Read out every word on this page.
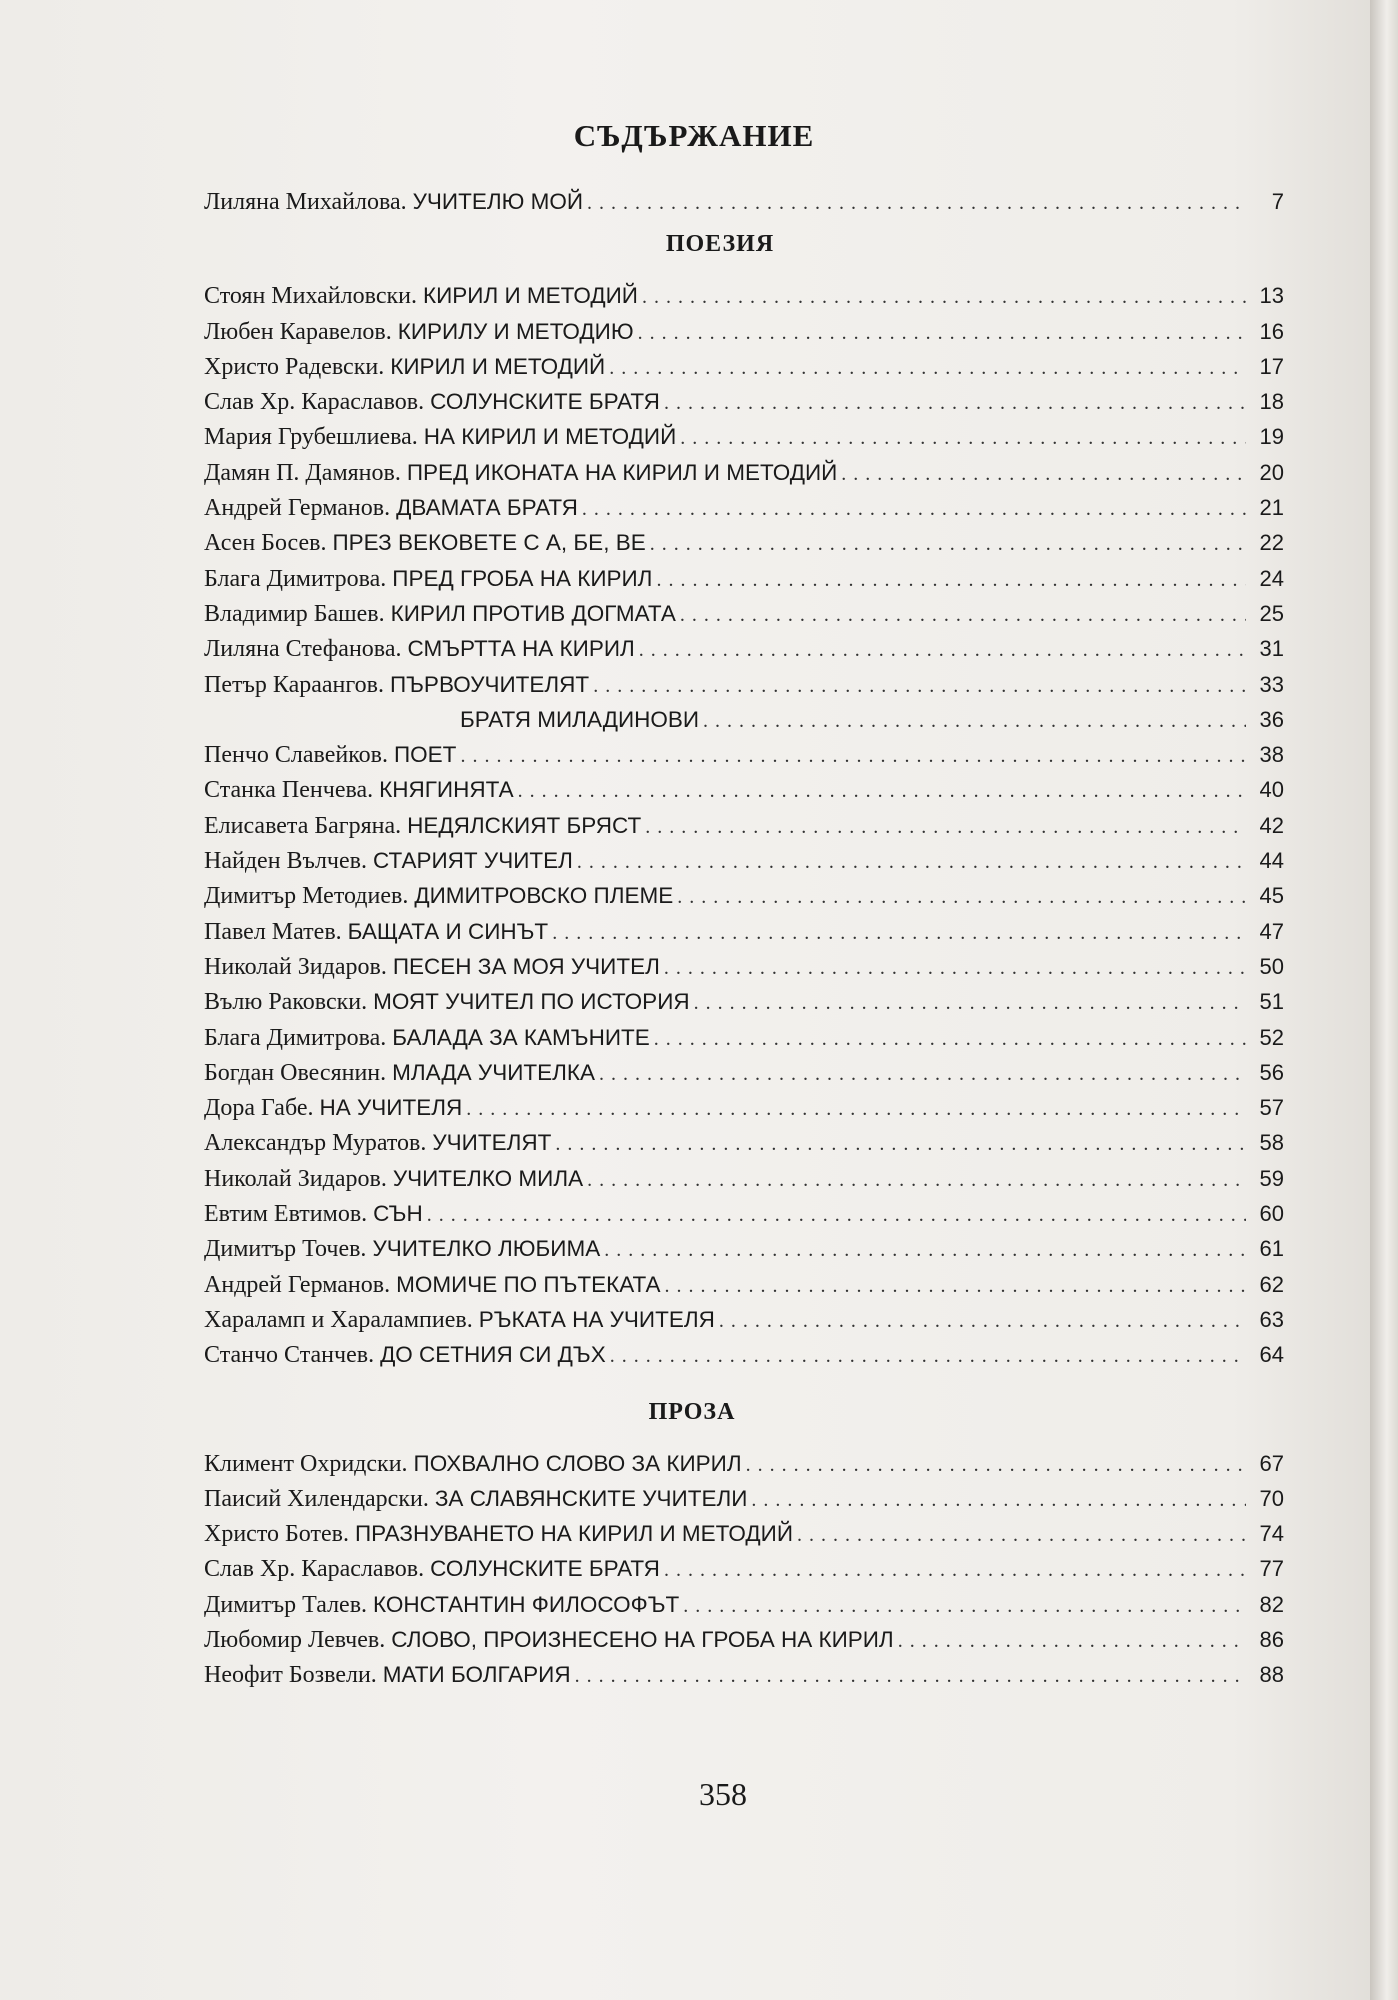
СЪДЪРЖАНИЕ
Лиляна Михайлова. УЧИТЕЛЮ МОЙ . . .	7
ПОЕЗИЯ
Стоян Михайловски. КИРИЛ И МЕТОДИЙ . . .	13
Любен Каравелов. КИРИЛУ И МЕТОДИЮ . . .	16
Христо Радевски. КИРИЛ И МЕТОДИЙ . . .	17
Слав Хр. Караславов. СОЛУНСКИТЕ БРАТЯ . . .	18
Мария Грубешлиева. НА КИРИЛ И МЕТОДИЙ . . .	19
Дамян П. Дамянов. ПРЕД ИКОНАТА НА КИРИЛ И МЕТОДИЙ . . .	20
Андрей Германов. ДВАМАТА БРАТЯ . . .	21
Асен Босев. ПРЕЗ ВЕКОВЕТЕ С А, БЕ, ВЕ . . .	22
Блага Димитрова. ПРЕД ГРОБА НА КИРИЛ . . .	24
Владимир Башев. КИРИЛ ПРОТИВ ДОГМАТА . . .	25
Лиляна Стефанова. СМЪРТТА НА КИРИЛ . . .	31
Петър Караангов. ПЪРВОУЧИТЕЛЯТ . . .	33
БРАТЯ МИЛАДИНОВИ . . .	36
Пенчо Славейков. ПОЕТ . . .	38
Станка Пенчева. КНЯГИНЯТА . . .	40
Елисавета Багряна. НЕДЯЛСКИЯТ БРЯСТ . . .	42
Найден Вълчев. СТАРИЯТ УЧИТЕЛ . . .	44
Димитър Методиев. ДИМИТРОВСКО ПЛЕМЕ . . .	45
Павел Матев. БАЩАТА И СИНЪТ . . .	47
Николай Зидаров. ПЕСЕН ЗА МОЯ УЧИТЕЛ . . .	50
Вълю Раковски. МОЯТ УЧИТЕЛ ПО ИСТОРИЯ . . .	51
Блага Димитрова. БАЛАДА ЗА КАМЪНИТЕ . . .	52
Богдан Овесянин. МЛАДА УЧИТЕЛКА . . .	56
Дора Габе. НА УЧИТЕЛЯ . . .	57
Александър Муратов. УЧИТЕЛЯТ . . .	58
Николай Зидаров. УЧИТЕЛКО МИЛА . . .	59
Евтим Евтимов. СЪН . . .	60
Димитър Точев. УЧИТЕЛКО ЛЮБИМА . . .	61
Андрей Германов. МОМИЧЕ ПО ПЪТЕКАТА . . .	62
Хараламп и Харалампиев. РЪКАТА НА УЧИТЕЛЯ . . .	63
Станчо Станчев. ДО СЕТНИЯ СИ ДЪХ . . .	64
ПРОЗА
Климент Охридски. ПОХВАЛНО СЛОВО ЗА КИРИЛ . . .	67
Паисий Хилендарски. ЗА СЛАВЯНСКИТЕ УЧИТЕЛИ . . .	70
Христо Ботев. ПРАЗНУВАНЕТО НА КИРИЛ И МЕТОДИЙ . . .	74
Слав Хр. Караславов. СОЛУНСКИТЕ БРАТЯ . . .	77
Димитър Талев. КОНСТАНТИН ФИЛОСОФЪТ . . .	82
Любомир Левчев. СЛОВО, ПРОИЗНЕСЕНО НА ГРОБА НА КИРИЛ . . .	86
Неофит Бозвели. МАТИ БОЛГАРИЯ . . .	88
358
